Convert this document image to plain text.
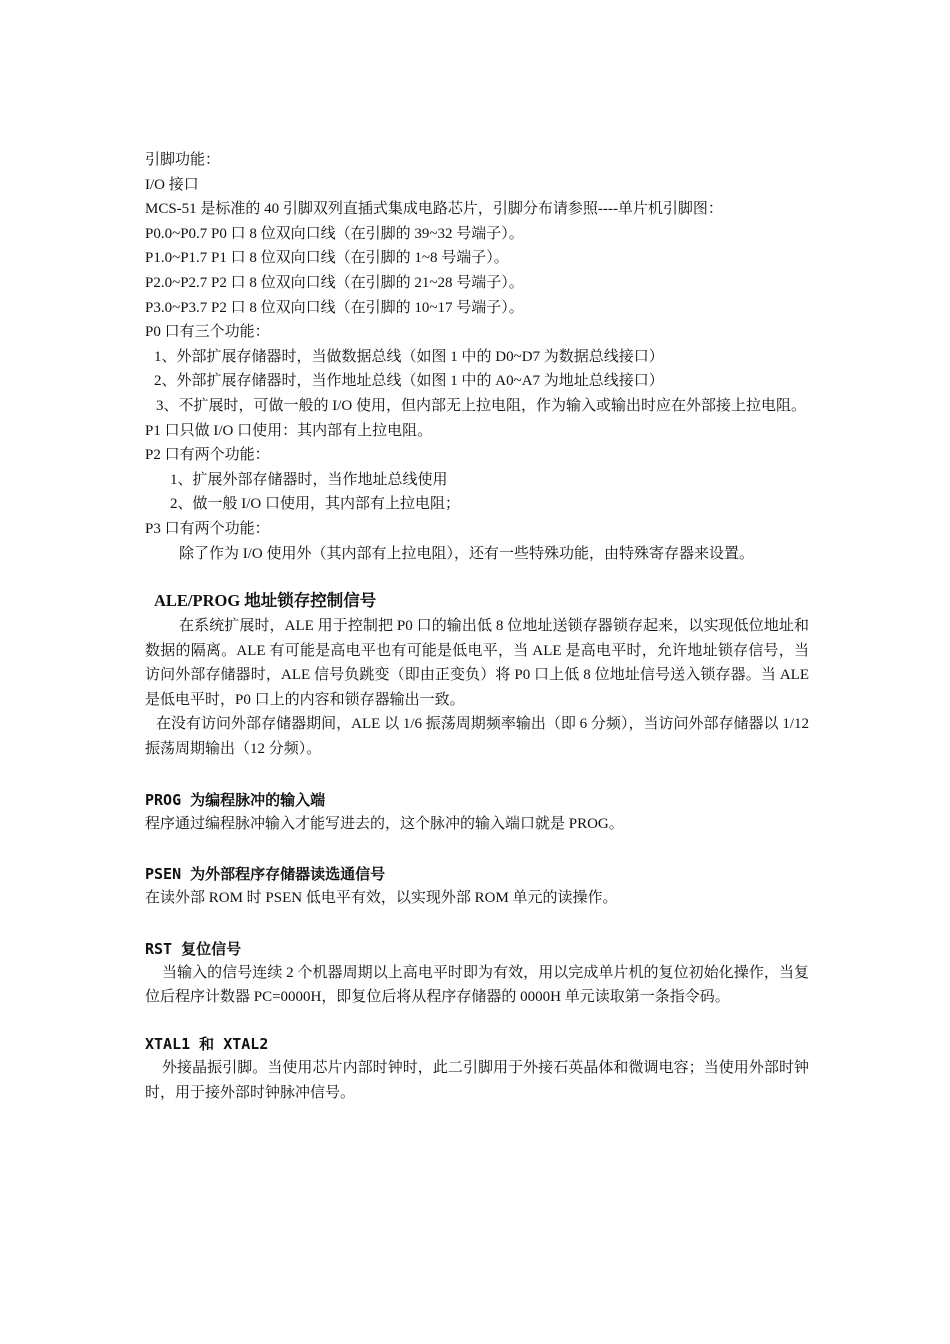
引脚功能：
I/O 接口
MCS-51 是标准的 40 引脚双列直插式集成电路芯片，引脚分布请参照----单片机引脚图：
P0.0~P0.7 P0 口 8 位双向口线（在引脚的 39~32 号端子）。
P1.0~P1.7 P1 口 8 位双向口线（在引脚的 1~8 号端子）。
P2.0~P2.7 P2 口 8 位双向口线（在引脚的 21~28 号端子）。
P3.0~P3.7 P2 口 8 位双向口线（在引脚的 10~17 号端子）。
P0 口有三个功能：
1、外部扩展存储器时，当做数据总线（如图 1 中的 D0~D7 为数据总线接口）
2、外部扩展存储器时，当作地址总线（如图 1 中的 A0~A7 为地址总线接口）
3、不扩展时，可做一般的 I/O 使用，但内部无上拉电阻，作为输入或输出时应在外部接上拉电阻。
P1 口只做 I/O 口使用：其内部有上拉电阻。
P2 口有两个功能：
1、扩展外部存储器时，当作地址总线使用
2、做一般 I/O 口使用，其内部有上拉电阻；
P3 口有两个功能：
除了作为 I/O 使用外（其内部有上拉电阻），还有一些特殊功能，由特殊寄存器来设置。
ALE/PROG 地址锁存控制信号
在系统扩展时，ALE 用于控制把 P0 口的输出低 8 位地址送锁存器锁存起来，以实现低位地址和数据的隔离。ALE 有可能是高电平也有可能是低电平，当 ALE 是高电平时，允许地址锁存信号，当访问外部存储器时，ALE 信号负跳变（即由正变负）将 P0 口上低 8 位地址信号送入锁存器。当 ALE 是低电平时，P0 口上的内容和锁存器输出一致。
在没有访问外部存储器期间，ALE 以 1/6 振荡周期频率输出（即 6 分频），当访问外部存储器以 1/12 振荡周期输出（12 分频）。
PROG 为编程脉冲的输入端
程序通过编程脉冲输入才能写进去的，这个脉冲的输入端口就是 PROG。
PSEN 为外部程序存储器读选通信号
在读外部 ROM 时 PSEN 低电平有效，以实现外部 ROM 单元的读操作。
RST 复位信号
当输入的信号连续 2 个机器周期以上高电平时即为有效，用以完成单片机的复位初始化操作，当复位后程序计数器 PC=0000H，即复位后将从程序存储器的 0000H 单元读取第一条指令码。
XTAL1 和 XTAL2
外接晶振引脚。当使用芯片内部时钟时，此二引脚用于外接石英晶体和微调电容；当使用外部时钟时，用于接外部时钟脉冲信号。
